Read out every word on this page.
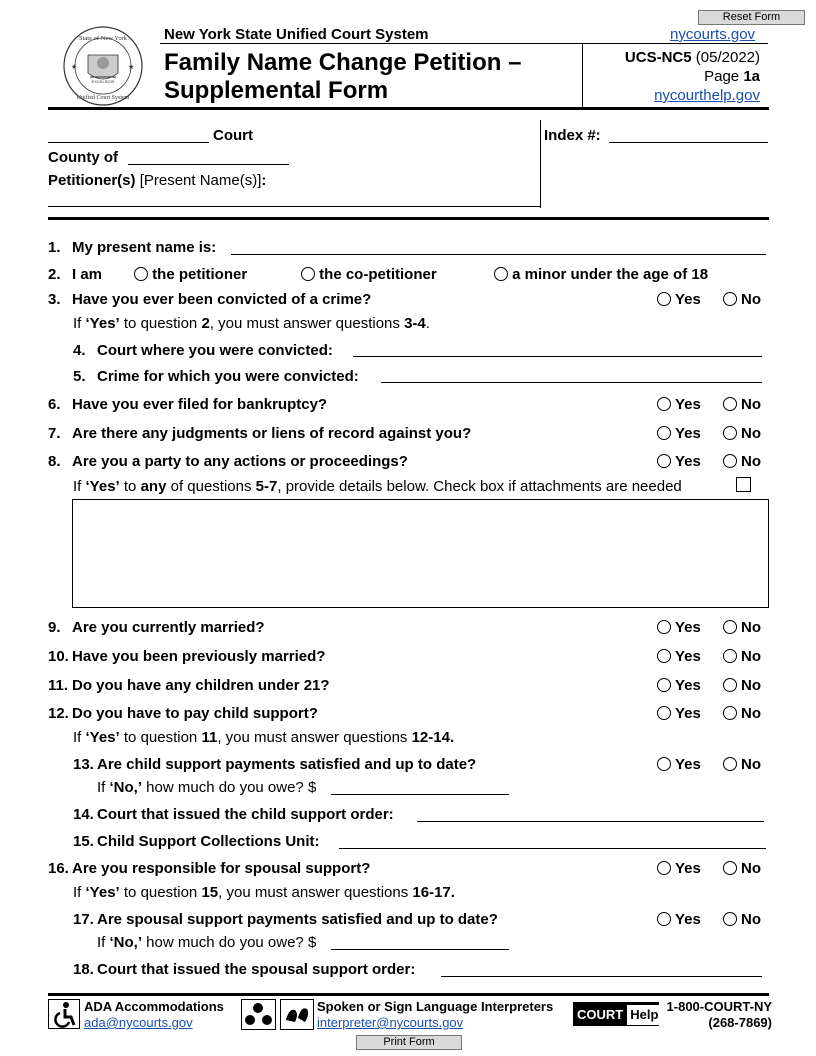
Reset Form
State of New York
Unified Court System
EXCELSIOR
★	★
New York State Unified Court System	nycourts.gov
Family Name Change Petition –
Supplemental Form
UCS-NC5 (05/2022)
Page 1a
nycourthelp.gov
Court
County of
Petitioner(s) [Present Name(s)]:
Index #:
1. My present name is:
2. I am	the petitioner	the co-petitioner	a minor under the age of 18
3. Have you ever been convicted of a crime?	Yes	No
If ‘Yes’ to question 2, you must answer questions 3-4.
4. Court where you were convicted:
5. Crime for which you were convicted:
6. Have you ever filed for bankruptcy?	Yes	No
7. Are there any judgments or liens of record against you?	Yes	No
8. Are you a party to any actions or proceedings?	Yes	No
If ‘Yes’ to any of questions 5-7, provide details below. Check box if attachments are needed
9. Are you currently married?	Yes	No
10. Have you been previously married?	Yes	No
11. Do you have any children under 21?	Yes	No
12. Do you have to pay child support?	Yes	No
If ‘Yes’ to question 11, you must answer questions 12-14.
13. Are child support payments satisfied and up to date?	Yes	No
If ‘No,’ how much do you owe? $
14. Court that issued the child support order:
15. Child Support Collections Unit:
16. Are you responsible for spousal support?	Yes	No
If ‘Yes’ to question 15, you must answer questions 16-17.
17. Are spousal support payments satisfied and up to date?	Yes	No
If ‘No,’ how much do you owe? $
18. Court that issued the spousal support order:
ADA Accommodations
ada@nycourts.gov
Spoken or Sign Language Interpreters
interpreter@nycourts.gov
COURT Help
1-800-COURT-NY
(268-7869)
Print Form
